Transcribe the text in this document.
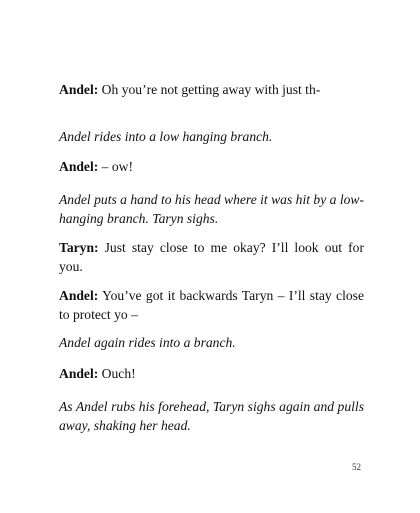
Andel: Oh you’re not getting away with just th-

Andel rides into a low hanging branch.

Andel: – ow!

Andel puts a hand to his head where it was hit by a low-hanging branch. Taryn sighs.

Taryn: Just stay close to me okay? I’ll look out for you.

Andel: You’ve got it backwards Taryn – I’ll stay close to protect yo –

Andel again rides into a branch.

Andel: Ouch!

As Andel rubs his forehead, Taryn sighs again and pulls away, shaking her head.

52
